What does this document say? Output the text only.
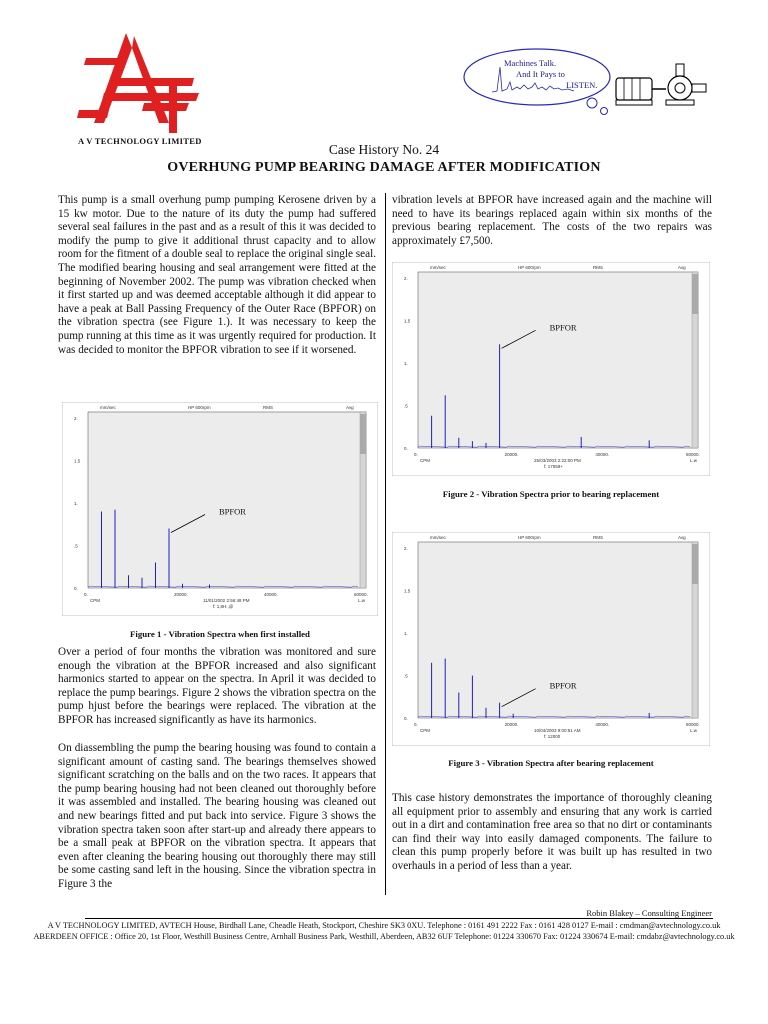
A V TECHNOLOGY LIMITED
Machines Talk.
And It Pays to
LISTEN.
Case History No. 24
OVERHUNG PUMP BEARING DAMAGE AFTER MODIFICATION
This pump is a small overhung pump pumping Kerosene driven by a 15 kw motor. Due to the nature of its duty the pump had suffered several seal failures in the past and as a result of this it was decided to modify the pump to give it additional thrust capacity and to allow room for the fitment of a double seal to replace the original single seal. The modified bearing housing and seal arrangement were fitted at the beginning of November 2002. The pump was vibration checked when it first started up and was deemed acceptable although it did appear to have a peak at Ball Passing Frequency of the Outer Race (BPFOR) on the vibration spectra (see Figure 1.). It was necessary to keep the pump running at this time as it was urgently required for production. It was decided to monitor the BPFOR vibration to see if it worsened.
mm/sec	HP 600rpm	RMS	Avg
2.
1.5
1.
.5
0.
0.	20000.	40000.	60000.
L.w
CPM	11/01/2002 2:56:48 PM
f: 1,8H:,@
BPFOR
Figure 1 - Vibration Spectra when first installed
Over a period of four months the vibration was monitored and sure enough the vibration at the BPFOR increased and also significant harmonics started to appear on the spectra. In April it was decided to replace the pump bearings. Figure 2 shows the vibration spectra on the pump hjust before the bearings were replaced. The vibration at the BPFOR has increased significantly as have its harmonics.
On diassembling the pump the bearing housing was found to contain a significant amount of casting sand. The bearings themselves showed significant scratching on the balls and on the two races. It appears that the pump bearing housing had not been cleaned out thoroughly before it was assembled and installed. The bearing housing was cleaned out and new bearings fitted and put back into service. Figure 3 shows the vibration spectra taken soon after start-up and already there appears to be a small peak at BPFOR on the vibration spectra. It appears that even after cleaning the bearing housing out thoroughly there may still be some casting sand left in the housing. Since the vibration spectra in Figure 3 the
vibration levels at BPFOR have increased again and the machine will need to have its bearings replaced again within six months of the previous bearing replacement. The costs of the two repairs was approximately £7,500.
mm/sec	HP 600rpm	RMS	Avg
2.
1.5
1.
.5
0.
0.	20000.	40000.	60000.
L.w
CPM	25/03/2003 2:22:00 PM
f: 17559+
BPFOR
Figure 2 - Vibration Spectra prior to bearing replacement
mm/sec	HP 600rpm	RMS	Avg
2.
1.5
1.
.5
0.
0.	20000.	40000.	60000.
L.w
CPM	10/04/2003 9:00:51 AM
f: 12000
BPFOR
Figure 3 - Vibration Spectra after bearing replacement
This case history demonstrates the importance of thoroughly cleaning all equipment prior to assembly and ensuring that any work is carried out in a dirt and contamination free area so that no dirt or contaminants can find their way into easily damaged components. The failure to clean this pump properly before it was built up has resulted in two overhauls in a period of less than a year.
Robin Blakey – Consulting Engineer
A V TECHNOLOGY LIMITED, AVTECH House, Birdhall Lane, Cheadle Heath, Stockport, Cheshire SK3 0XU. Telephone : 0161 491 2222 Fax : 0161 428 0127 E-mail : cmdman@avtechnology.co.uk
ABERDEEN OFFICE : Office 20, 1st Floor, Westhill Business Centre, Arnhall Business Park, Westhill, Aberdeen, AB32 6UF Telephone: 01224 330670 Fax: 01224 330674 E-mail: cmdabz@avtechnology.co.uk
